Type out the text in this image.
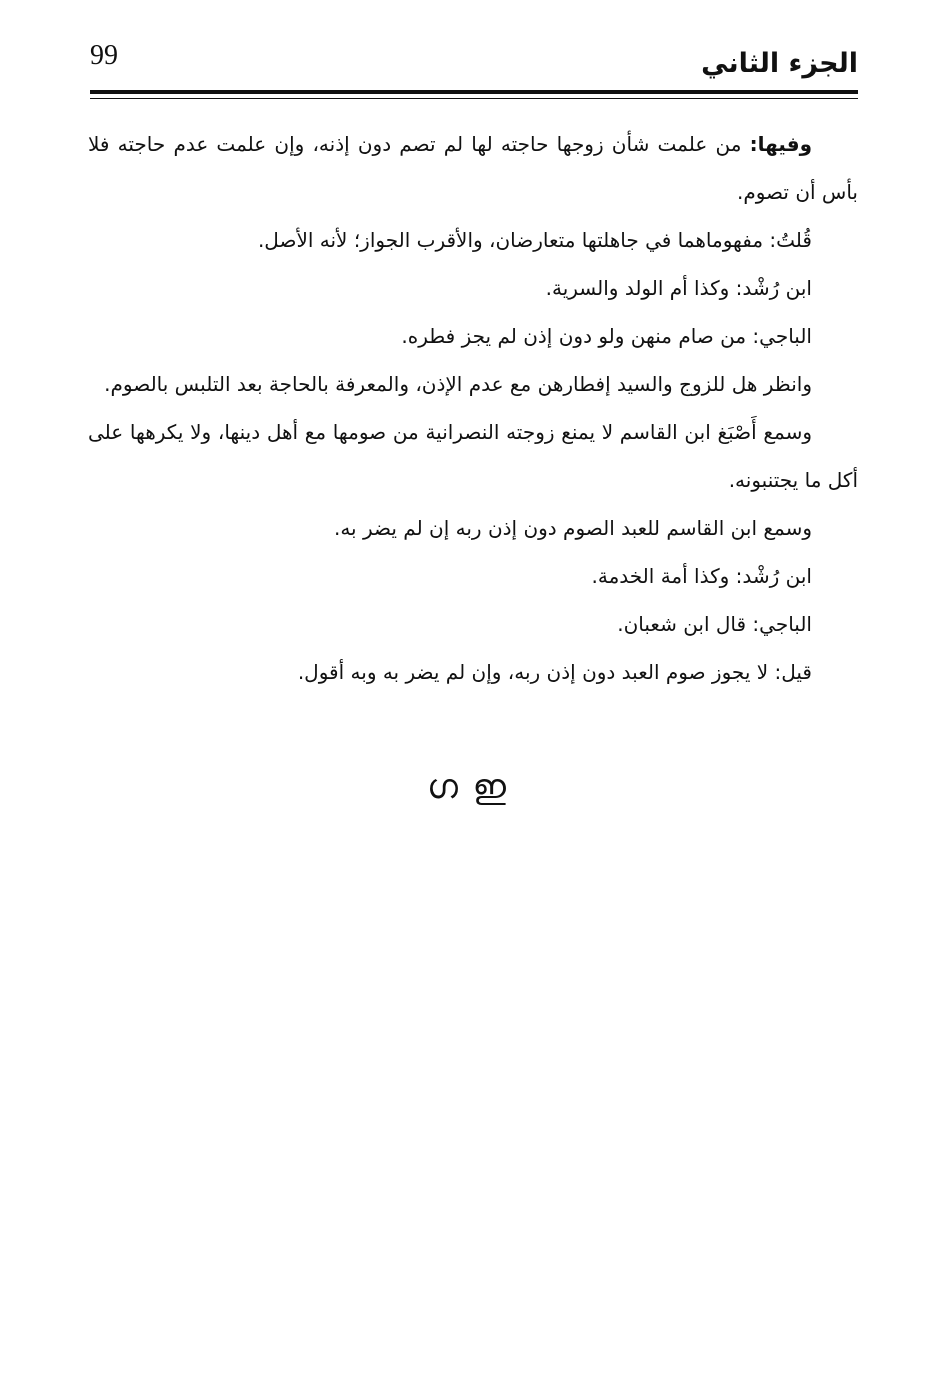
99	الجزء الثاني

وفيها: من علمت شأن زوجها حاجته لها لم تصم دون إذنه، وإن علمت عدم حاجته فلا بأس أن تصوم.

قُلتُ: مفهوماهما في جاهلتها متعارضان، والأقرب الجواز؛ لأنه الأصل.

ابن رُشْد: وكذا أم الولد والسرية.

الباجي: من صام منهن ولو دون إذن لم يجز فطره.

وانظر هل للزوج والسيد إفطارهن مع عدم الإذن، والمعرفة بالحاجة بعد التلبس بالصوم.

وسمع أَصْبَغ ابن القاسم لا يمنع زوجته النصرانية من صومها مع أهل دينها، ولا يكرهها على أكل ما يجتنبونه.

وسمع ابن القاسم للعبد الصوم دون إذن ربه إن لم يضر به.

ابن رُشْد: وكذا أمة الخدمة.

الباجي: قال ابن شعبان.

قيل: لا يجوز صوم العبد دون إذن ربه، وإن لم يضر به وبه أقول.

ഗ ഇ
